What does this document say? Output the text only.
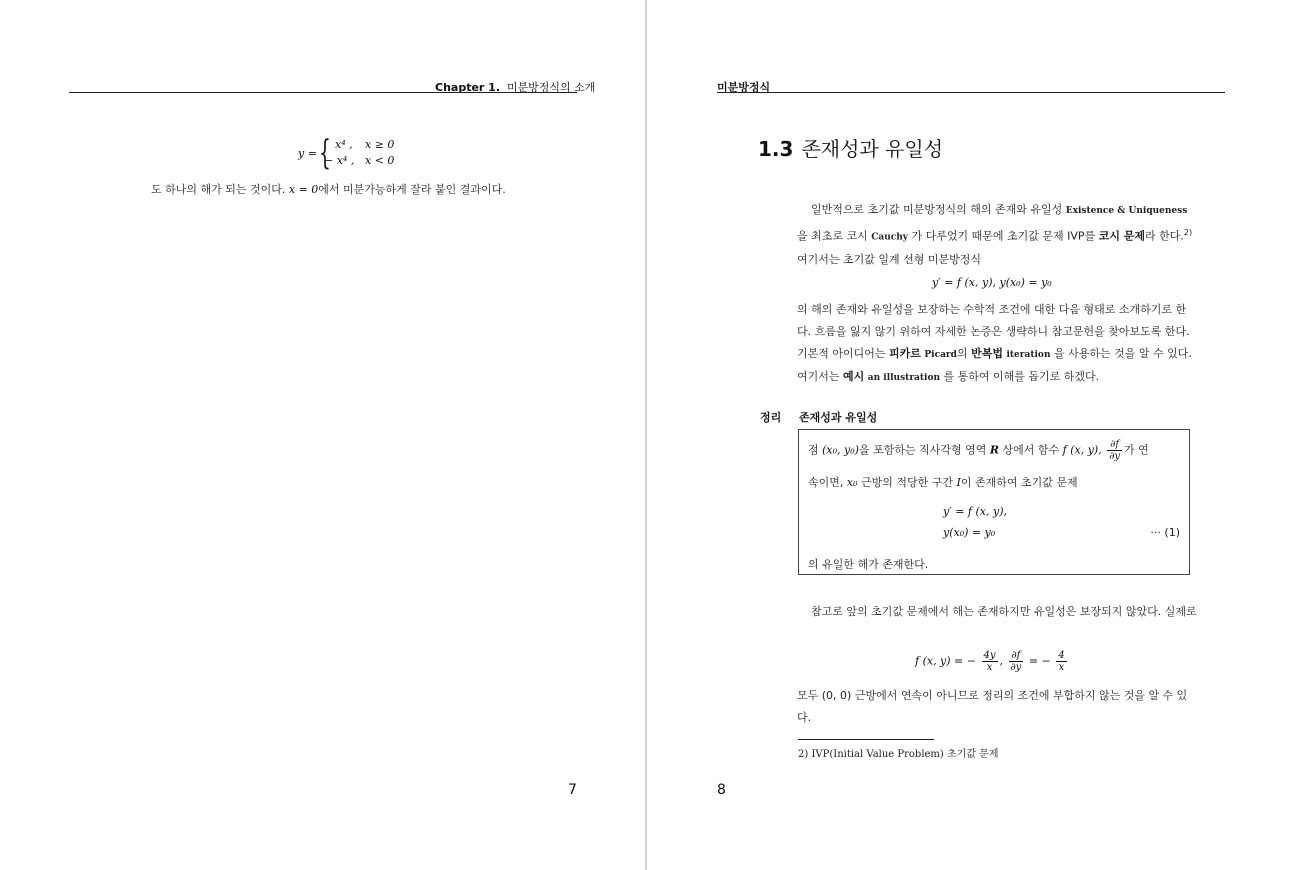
Chapter 1. 미분방정식의 소개
y = { x⁴ , x ≥ 0
− x⁴ , x < 0
도 하나의 해가 되는 것이다. x = 0에서 미분가능하게 잘라 붙인 결과이다.
7
미분방정식
1.3 존재성과 유일성
일반적으로 초기값 미분방정식의 해의 존재와 유일성 Existence & Uniqueness 을 최초로 코시 Cauchy 가 다루었기 때문에 초기값 문제 IVP를 코시 문제라 한다.$^{2)}$ 여기서는 초기값 일계 선형 미분방정식
y′ = f (x, y), y(x₀) = y₀
의 해의 존재와 유일성을 보장하는 수학적 조건에 대한 다음 형태로 소개하기로 한다. 흐름을 잃지 않기 위하여 자세한 논증은 생략하니 참고문헌을 찾아보도록 한다. 기본적 아이디어는 피카르 Picard의 반복법 iteration 을 사용하는 것을 알 수 있다. 여기서는 예시 an illustration 를 통하여 이해를 돕기로 하겠다.
정리 존재성과 유일성
점 (x₀, y₀)을 포함하는 직사각형 영역 R 상에서 함수 f (x, y), $\frac{\partial f}{\partial y}$ 가 연
속이면, x₀ 근방의 적당한 구간 I이 존재하여 초기값 문제
y′ = f (x, y),
y(x₀) = y₀	··· (1)
의 유일한 해가 존재한다.
참고로 앞의 초기값 문제에서 해는 존재하지만 유일성은 보장되지 않았다. 실제로
f (x, y) = − $\frac{4y}{x}$ , $\frac{\partial f}{\partial y}$ = − $\frac{4}{x}$
모두 (0, 0) 근방에서 연속이 아니므로 정리의 조건에 부합하지 않는 것을 알 수 있다.
2) IVP(Initial Value Problem) 초기값 문제
8
